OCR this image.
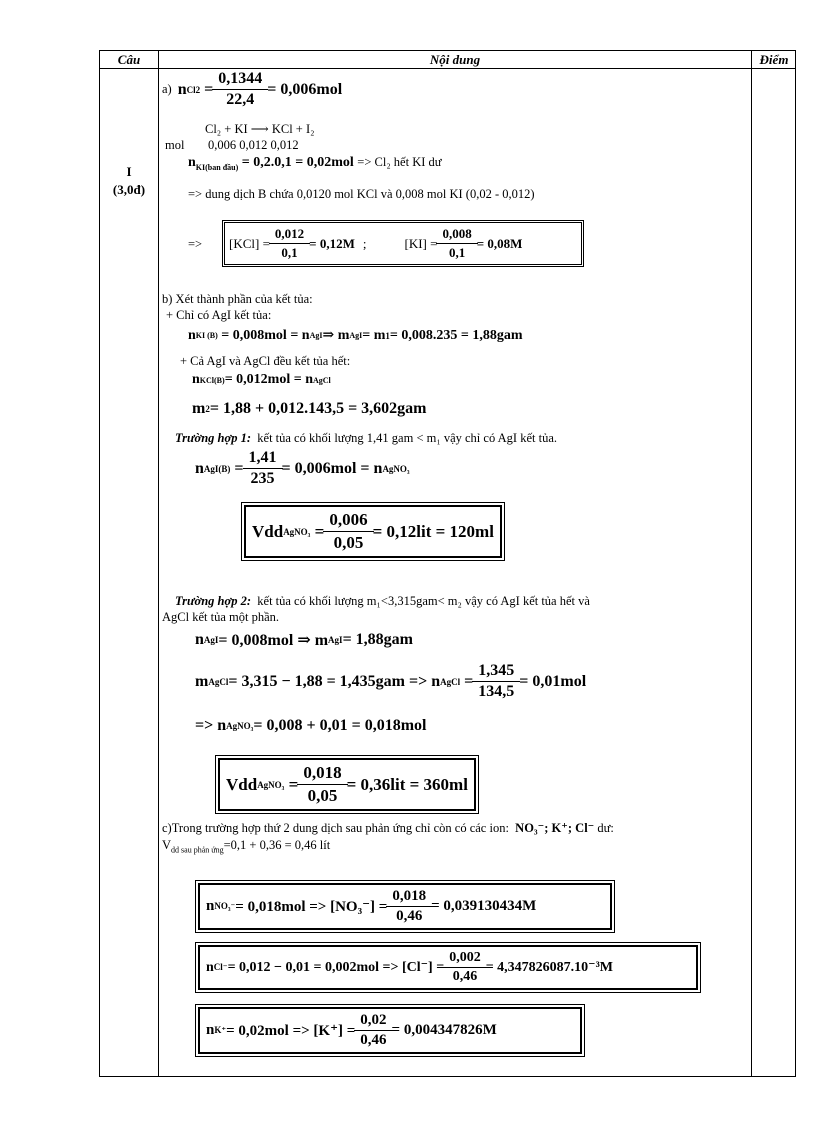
Câu	Nội dung	Điểm
I
(3,0đ)
a) n $Cl2 = \frac{0,1344}{22,4} = 0,006mol$
Cl₂ + KI ⟶ KCl + I₂
mol 0,006 0,012 0,012
$n_{KI(ban đầu)} = 0,2.0,1 = 0,02mol => Cl_2$ hết KI dư
=> dung dịch B chứa 0,0120 mol KCl và 0,008 mol KI (0,02 - 0,012)
=> $[KCl] = \frac{0,012}{0,1} = 0,12M$ ;	$[KI] = \frac{0,008}{0,1} = 0,08M$
b) Xét thành phần của kết tủa:
+ Chỉ có AgI kết tủa:
n KI (B)
= 0,008mol = n AgI ⇒ m AgI = m 1 = 0,008.235 = 1,88gam
+ Cả AgI và AgCl đều kết tủa hết:
n KCl(B) = 0,012mol = n AgCl
m 2 = 1,88 + 0,012.143,5 = 3,602gam
Trường hợp 1: kết tủa có khối lượng 1,41 gam < m₁ vậy chỉ có AgI kết tủa.
n $AgI(B) = \frac{1,41}{235} = 0,006mol = n$ AgNO₃
Vdd AgNO₃ = $\frac{0,006}{0,05} = 0,12lit = 120ml$
Trường hợp 2: kết tủa có khối lượng m₁<3,315gam< m₂ vậy có AgI kết tủa hết và
AgCl kết tủa một phần.
n AgI = 0,008mol ⇒ m AgI = 1,88gam
m AgCl = 3,315 − 1,88 = 1,435gam => n AgCl = $\frac{1,345}{134,5} = 0,01mol$
=> n AgNO₃ = 0,008 + 0,01 = 0,018mol
Vdd AgNO₃ = $\frac{0,018}{0,05} = 0,36lit = 360ml$
c)Trong trường hợp thứ 2 dung dịch sau phản ứng chỉ còn có các ion: NO₃⁻; K⁺; Cl⁻ dư:
$V_{dd sau phản ứng}=0,1 + 0,36 = 0,46$ lít
n $NO_3^- = 0,018mol => [NO_3^-] = \frac{0,018}{0,46} = 0,039130434M$
n $Cl^- = 0,012 - 0,01 = 0,002mol => [Cl^-] = \frac{0,002}{0,46} = 4,347826087.10^{-3}M$
n $K^+ = 0,02mol => [K^+] = \frac{0,02}{0,46} = 0,004347826M$
